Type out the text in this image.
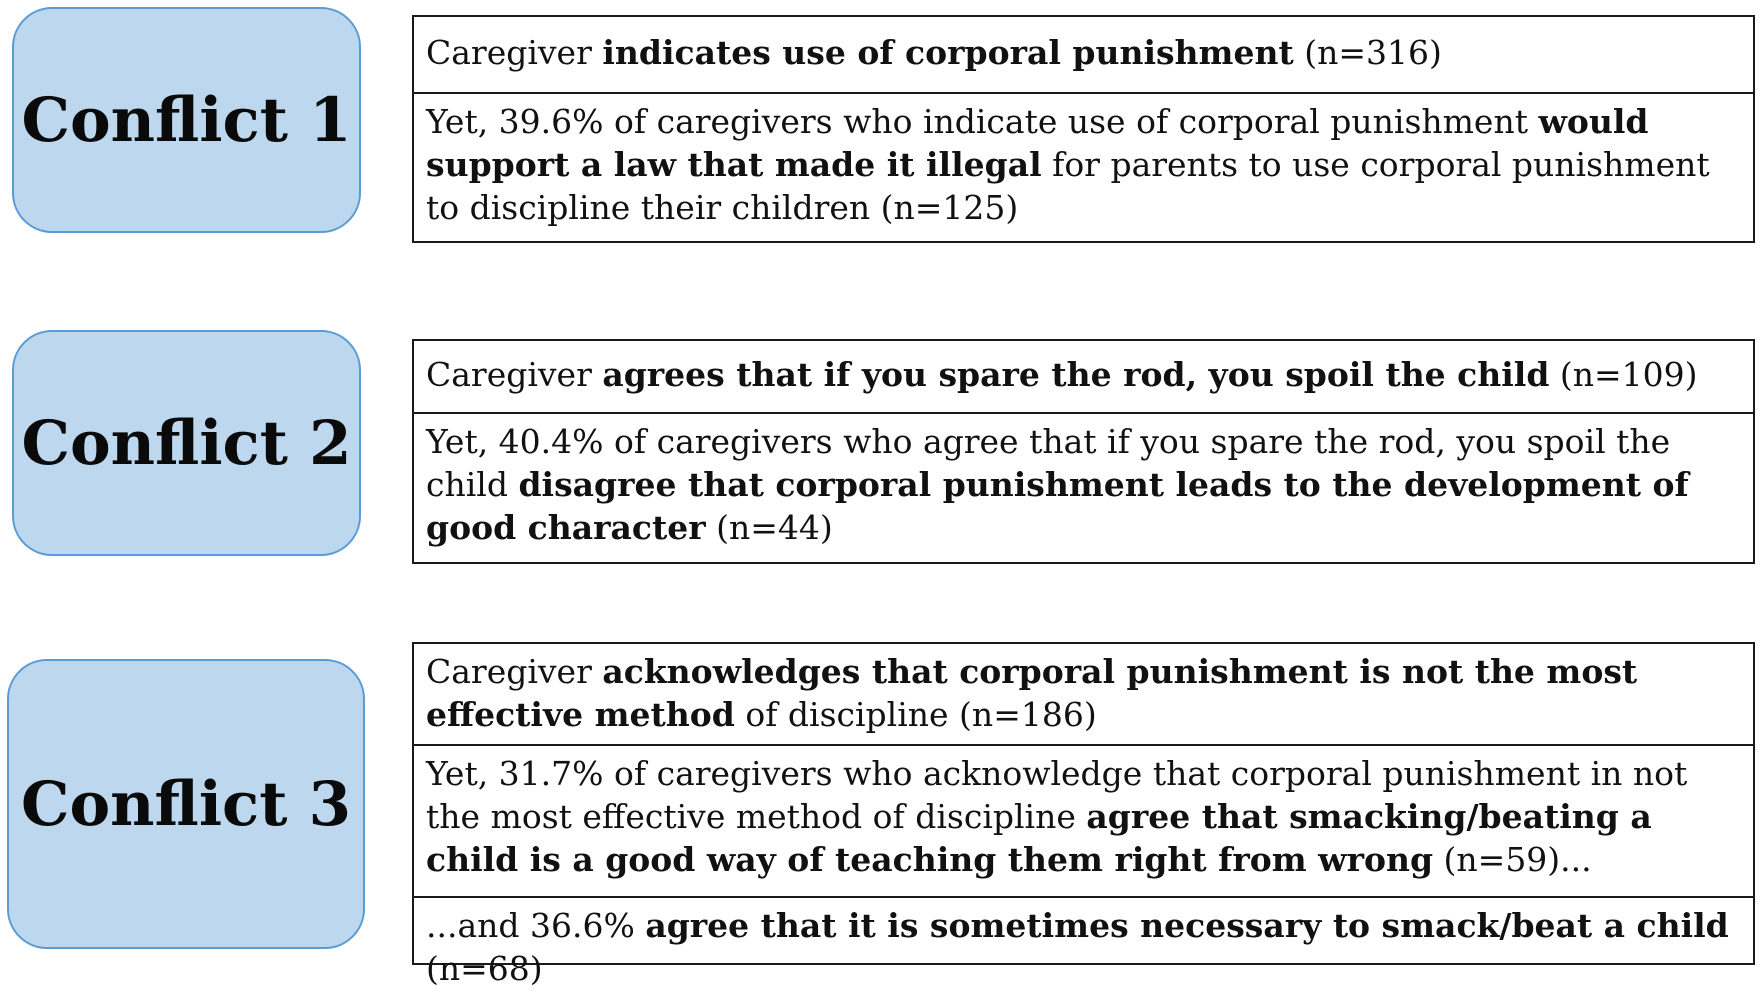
Conflict 1
Caregiver indicates use of corporal punishment (n=316)
Yet, 39.6% of caregivers who indicate use of corporal punishment would support a law that made it illegal for parents to use corporal punishment to discipline their children (n=125)
Conflict 2
Caregiver agrees that if you spare the rod, you spoil the child (n=109)
Yet, 40.4% of caregivers who agree that if you spare the rod, you spoil the child disagree that corporal punishment leads to the development of good character (n=44)
Conflict 3
Caregiver acknowledges that corporal punishment is not the most effective method of discipline (n=186)
Yet, 31.7% of caregivers who acknowledge that corporal punishment in not the most effective method of discipline agree that smacking/beating a child is a good way of teaching them right from wrong (n=59)...
...and 36.6% agree that it is sometimes necessary to smack/beat a child (n=68)
